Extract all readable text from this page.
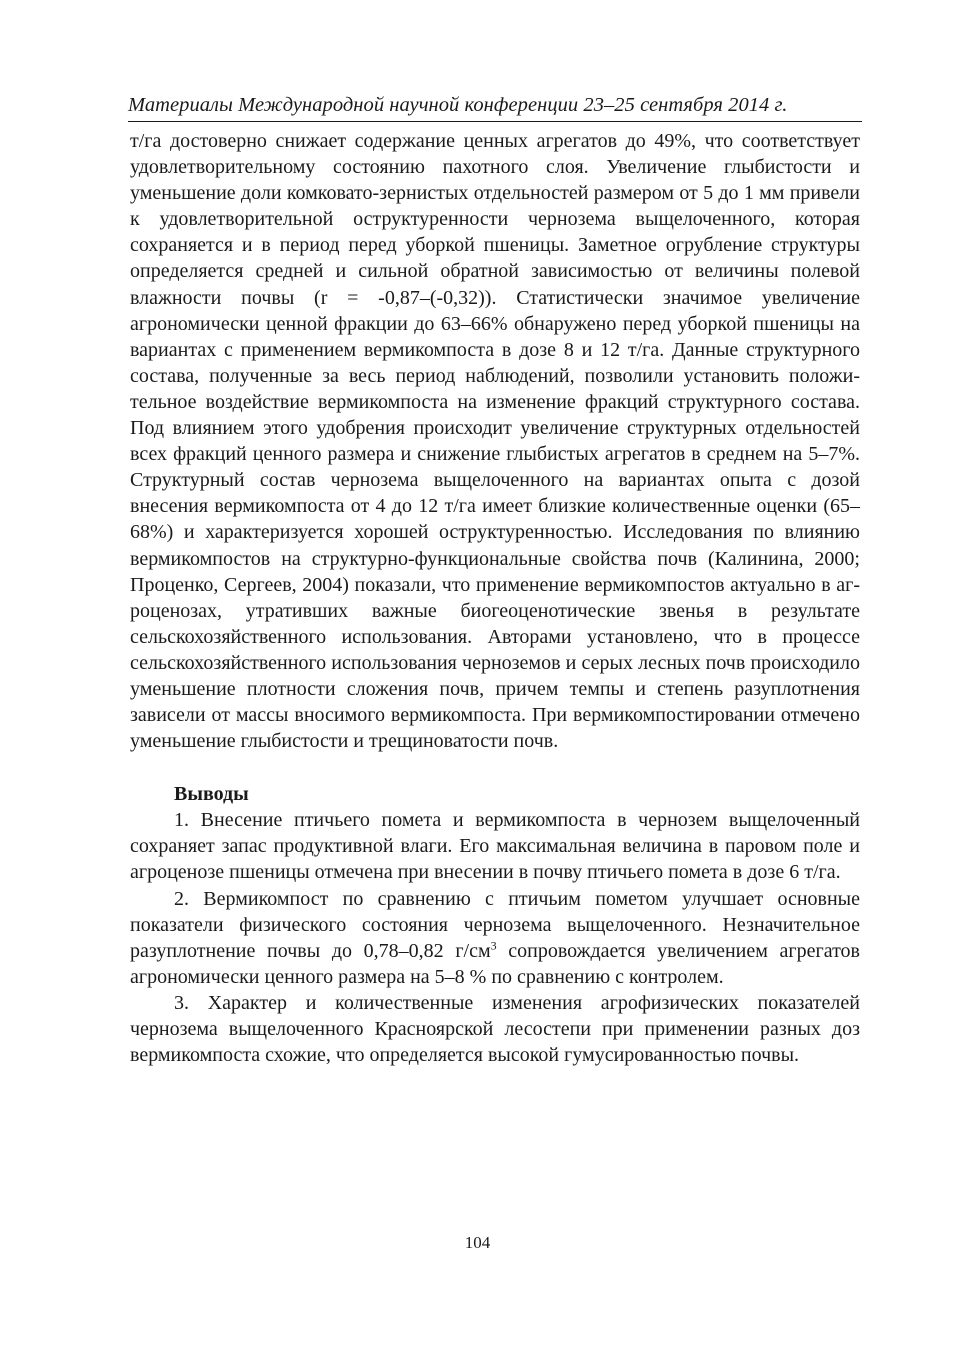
Материалы Международной научной конференции 23–25 сентября 2014 г.

т/га достоверно снижает содержание ценных агрегатов до 49%, что соответствует удовлетворительному состоянию пахотного слоя. Увеличение глыбистости и уменьшение доли комковато-зернистых отдельностей размером от 5 до 1 мм привели к удовлетворительной оструктуренности чернозема выщелоченного, которая сохраняется и в период перед уборкой пшеницы. Заметное огрубление структуры определяется средней и сильной обратной зависимостью от величины полевой влажности почвы (r = -0,87–(-0,32)). Статистически значимое увеличение агрономически ценной фракции до 63–66% обнаружено перед уборкой пшеницы на вариантах с применением вермикомпоста в дозе 8 и 12 т/га. Данные структурного состава, полученные за весь период наблюдений, позволили установить положительное воздействие вермикомпоста на изменение фракций структурного состава. Под влиянием этого удобрения происходит увеличение структурных отдельностей всех фракций ценного размера и снижение глыбистых агрегатов в среднем на 5–7%. Структурный состав чернозема выщелоченного на вариантах опыта с дозой внесения вермикомпоста от 4 до 12 т/га имеет близкие количественные оценки (65–68%) и характеризуется хорошей оструктуренностью. Исследования по влиянию вермикомпостов на структурно-функциональные свойства почв (Калинина, 2000; Проценко, Сергеев, 2004) показали, что применение вермикомпостов актуально в агроценозах, утративших важные биогеоценотические звенья в результате сельскохозяйственного использования. Авторами установлено, что в процессе сельскохозяйственного использования черноземов и серых лесных почв происходило уменьшение плотности сложения почв, причем темпы и степень разуплотнения зависели от массы вносимого вермикомпоста. При вермикомпостировании отмечено уменьшение глыбистости и трещиноватости почв.

Выводы

1. Внесение птичьего помета и вермикомпоста в чернозем выщелоченный сохраняет запас продуктивной влаги. Его максимальная величина в паровом поле и агроценозе пшеницы отмечена при внесении в почву птичьего помета в дозе 6 т/га.

2. Вермикомпост по сравнению с птичьим пометом улучшает основные показатели физического состояния чернозема выщелоченного. Незначительное разуплотнение почвы до 0,78–0,82 $г/см^3$ сопровождается увеличением агрегатов агрономически ценного размера на 5–8 % по сравнению с контролем.

3. Характер и количественные изменения агрофизических показателей чернозема выщелоченного Красноярской лесостепи при применении разных доз вермикомпоста схожие, что определяется высокой гумусированностью почвы.

104
